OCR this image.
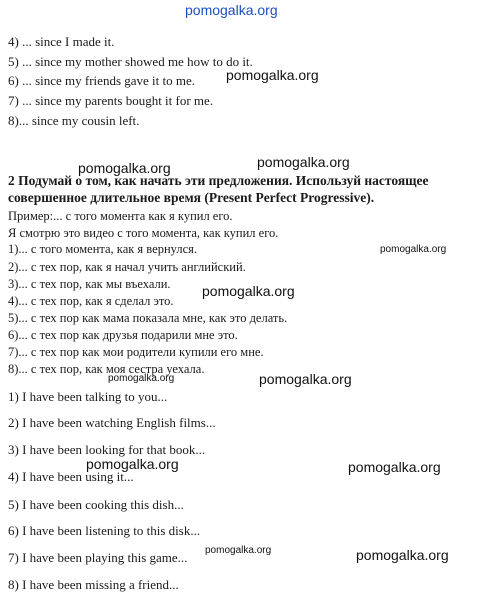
pomogalka.org
pomogalka.org
pomogalka.org	pomogalka.org
pomogalka.org
pomogalka.org
pomogalka.org	pomogalka.org
pomogalka.org	pomogalka.org
pomogalka.org	pomogalka.org
4) ... since I made it.
5) ... since my mother showed me how to do it.
6) ... since my friends gave it to me.
7) ... since my parents bought it for me.
8)... since my cousin left.
2 Подумай о том, как начать эти предложения. Используй настоящее
совершенное длительное время (Present Perfect Progressive).
Пример:... с того момента как я купил его.
Я смотрю это видео с того момента, как купил его.
1)... с того момента, как я вернулся.
2)... с тех пор, как я начал учить английский.
3)... с тех пор, как мы въехали.
4)... с тех пор, как я сделал это.
5)... с тех пор как мама показала мне, как это делать.
6)... с тех пор как друзья подарили мне это.
7)... с тех пор как мои родители купили его мне.
8)... с тех пор, как моя сестра уехала.
1) I have been talking to you...
2) I have been watching English films...
3) I have been looking for that book...
4) I have been using it...
5) I have been cooking this dish...
6) I have been listening to this disk...
7) I have been playing this game...
8) I have been missing a friend...
